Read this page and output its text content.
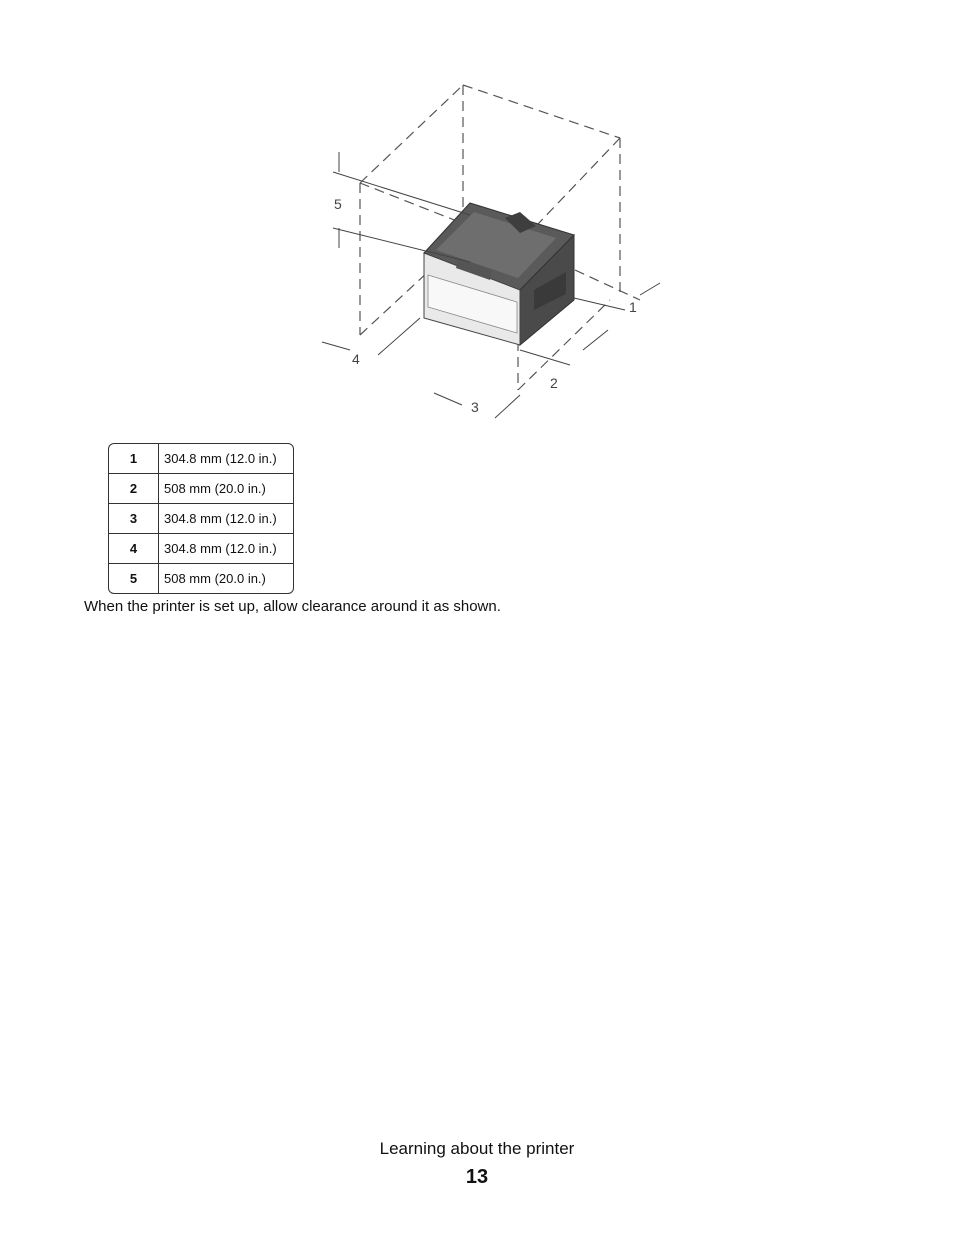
5
1
2
3
4
1	304.8 mm (12.0 in.)
2	508 mm (20.0 in.)
3	304.8 mm (12.0 in.)
4	304.8 mm (12.0 in.)
5	508 mm (20.0 in.)
When the printer is set up, allow clearance around it as shown.
Learning about the printer
13
